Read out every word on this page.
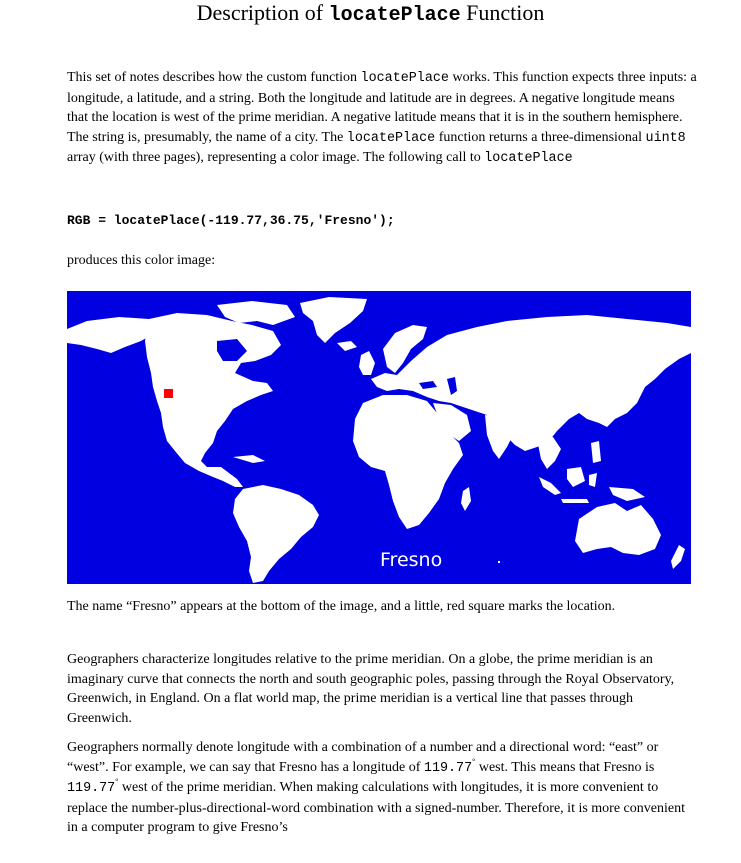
Description of locatePlace Function

This set of notes describes how the custom function locatePlace works. This function expects three inputs: a longitude, a latitude, and a string. Both the longitude and latitude are in degrees. A negative longitude means that the location is west of the prime meridian. A negative latitude means that it is in the southern hemisphere. The string is, presumably, the name of a city. The locatePlace function returns a three-dimensional uint8 array (with three pages), representing a color image. The following call to locatePlace

RGB = locatePlace(-119.77,36.75,'Fresno');

produces this color image:

Fresno

The name “Fresno” appears at the bottom of the image, and a little, red square marks the location.

Geographers characterize longitudes relative to the prime meridian. On a globe, the prime meridian is an imaginary curve that connects the north and south geographic poles, passing through the Royal Observatory, Greenwich, in England. On a flat world map, the prime meridian is a vertical line that passes through Greenwich.

Geographers normally denote longitude with a combination of a number and a directional word: “east” or “west”. For example, we can say that Fresno has a longitude of 119.77° west. This means that Fresno is 119.77° west of the prime meridian. When making calculations with longitudes, it is more convenient to replace the number-plus-directional-word combination with a signed-number. Therefore, it is more convenient in a computer program to give Fresno’s
